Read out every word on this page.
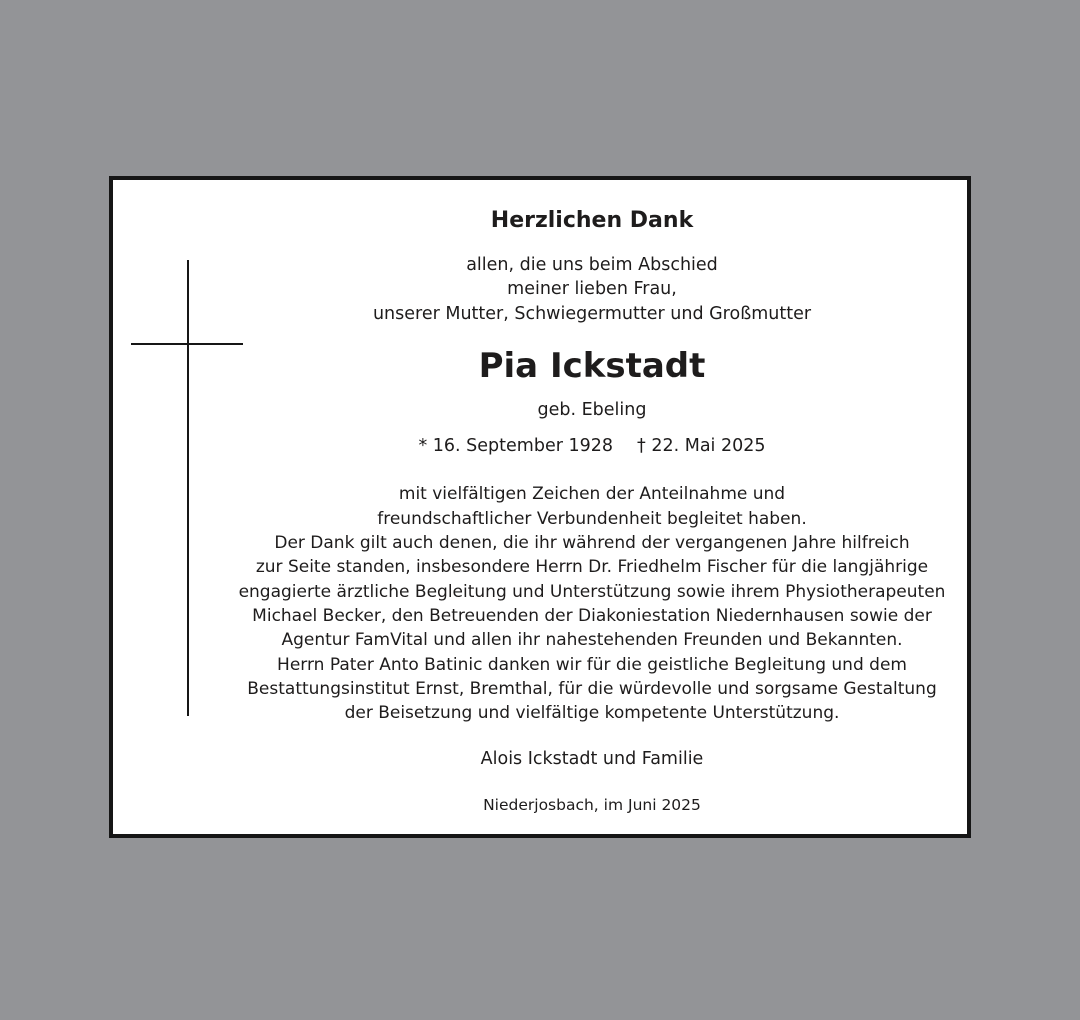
Herzlichen Dank
allen, die uns beim Abschied
meiner lieben Frau,
unserer Mutter, Schwiegermutter und Großmutter
Pia Ickstadt
geb. Ebeling
* 16. September 1928 † 22. Mai 2025
mit vielfältigen Zeichen der Anteilnahme und
freundschaftlicher Verbundenheit begleitet haben.
Der Dank gilt auch denen, die ihr während der vergangenen Jahre hilfreich
zur Seite standen, insbesondere Herrn Dr. Friedhelm Fischer für die langjährige
engagierte ärztliche Begleitung und Unterstützung sowie ihrem Physiotherapeuten
Michael Becker, den Betreuenden der Diakoniestation Niedernhausen sowie der
Agentur FamVital und allen ihr nahestehenden Freunden und Bekannten.
Herrn Pater Anto Batinic danken wir für die geistliche Begleitung und dem
Bestattungsinstitut Ernst, Bremthal, für die würdevolle und sorgsame Gestaltung
der Beisetzung und vielfältige kompetente Unterstützung.
Alois Ickstadt und Familie
Niederjosbach, im Juni 2025
